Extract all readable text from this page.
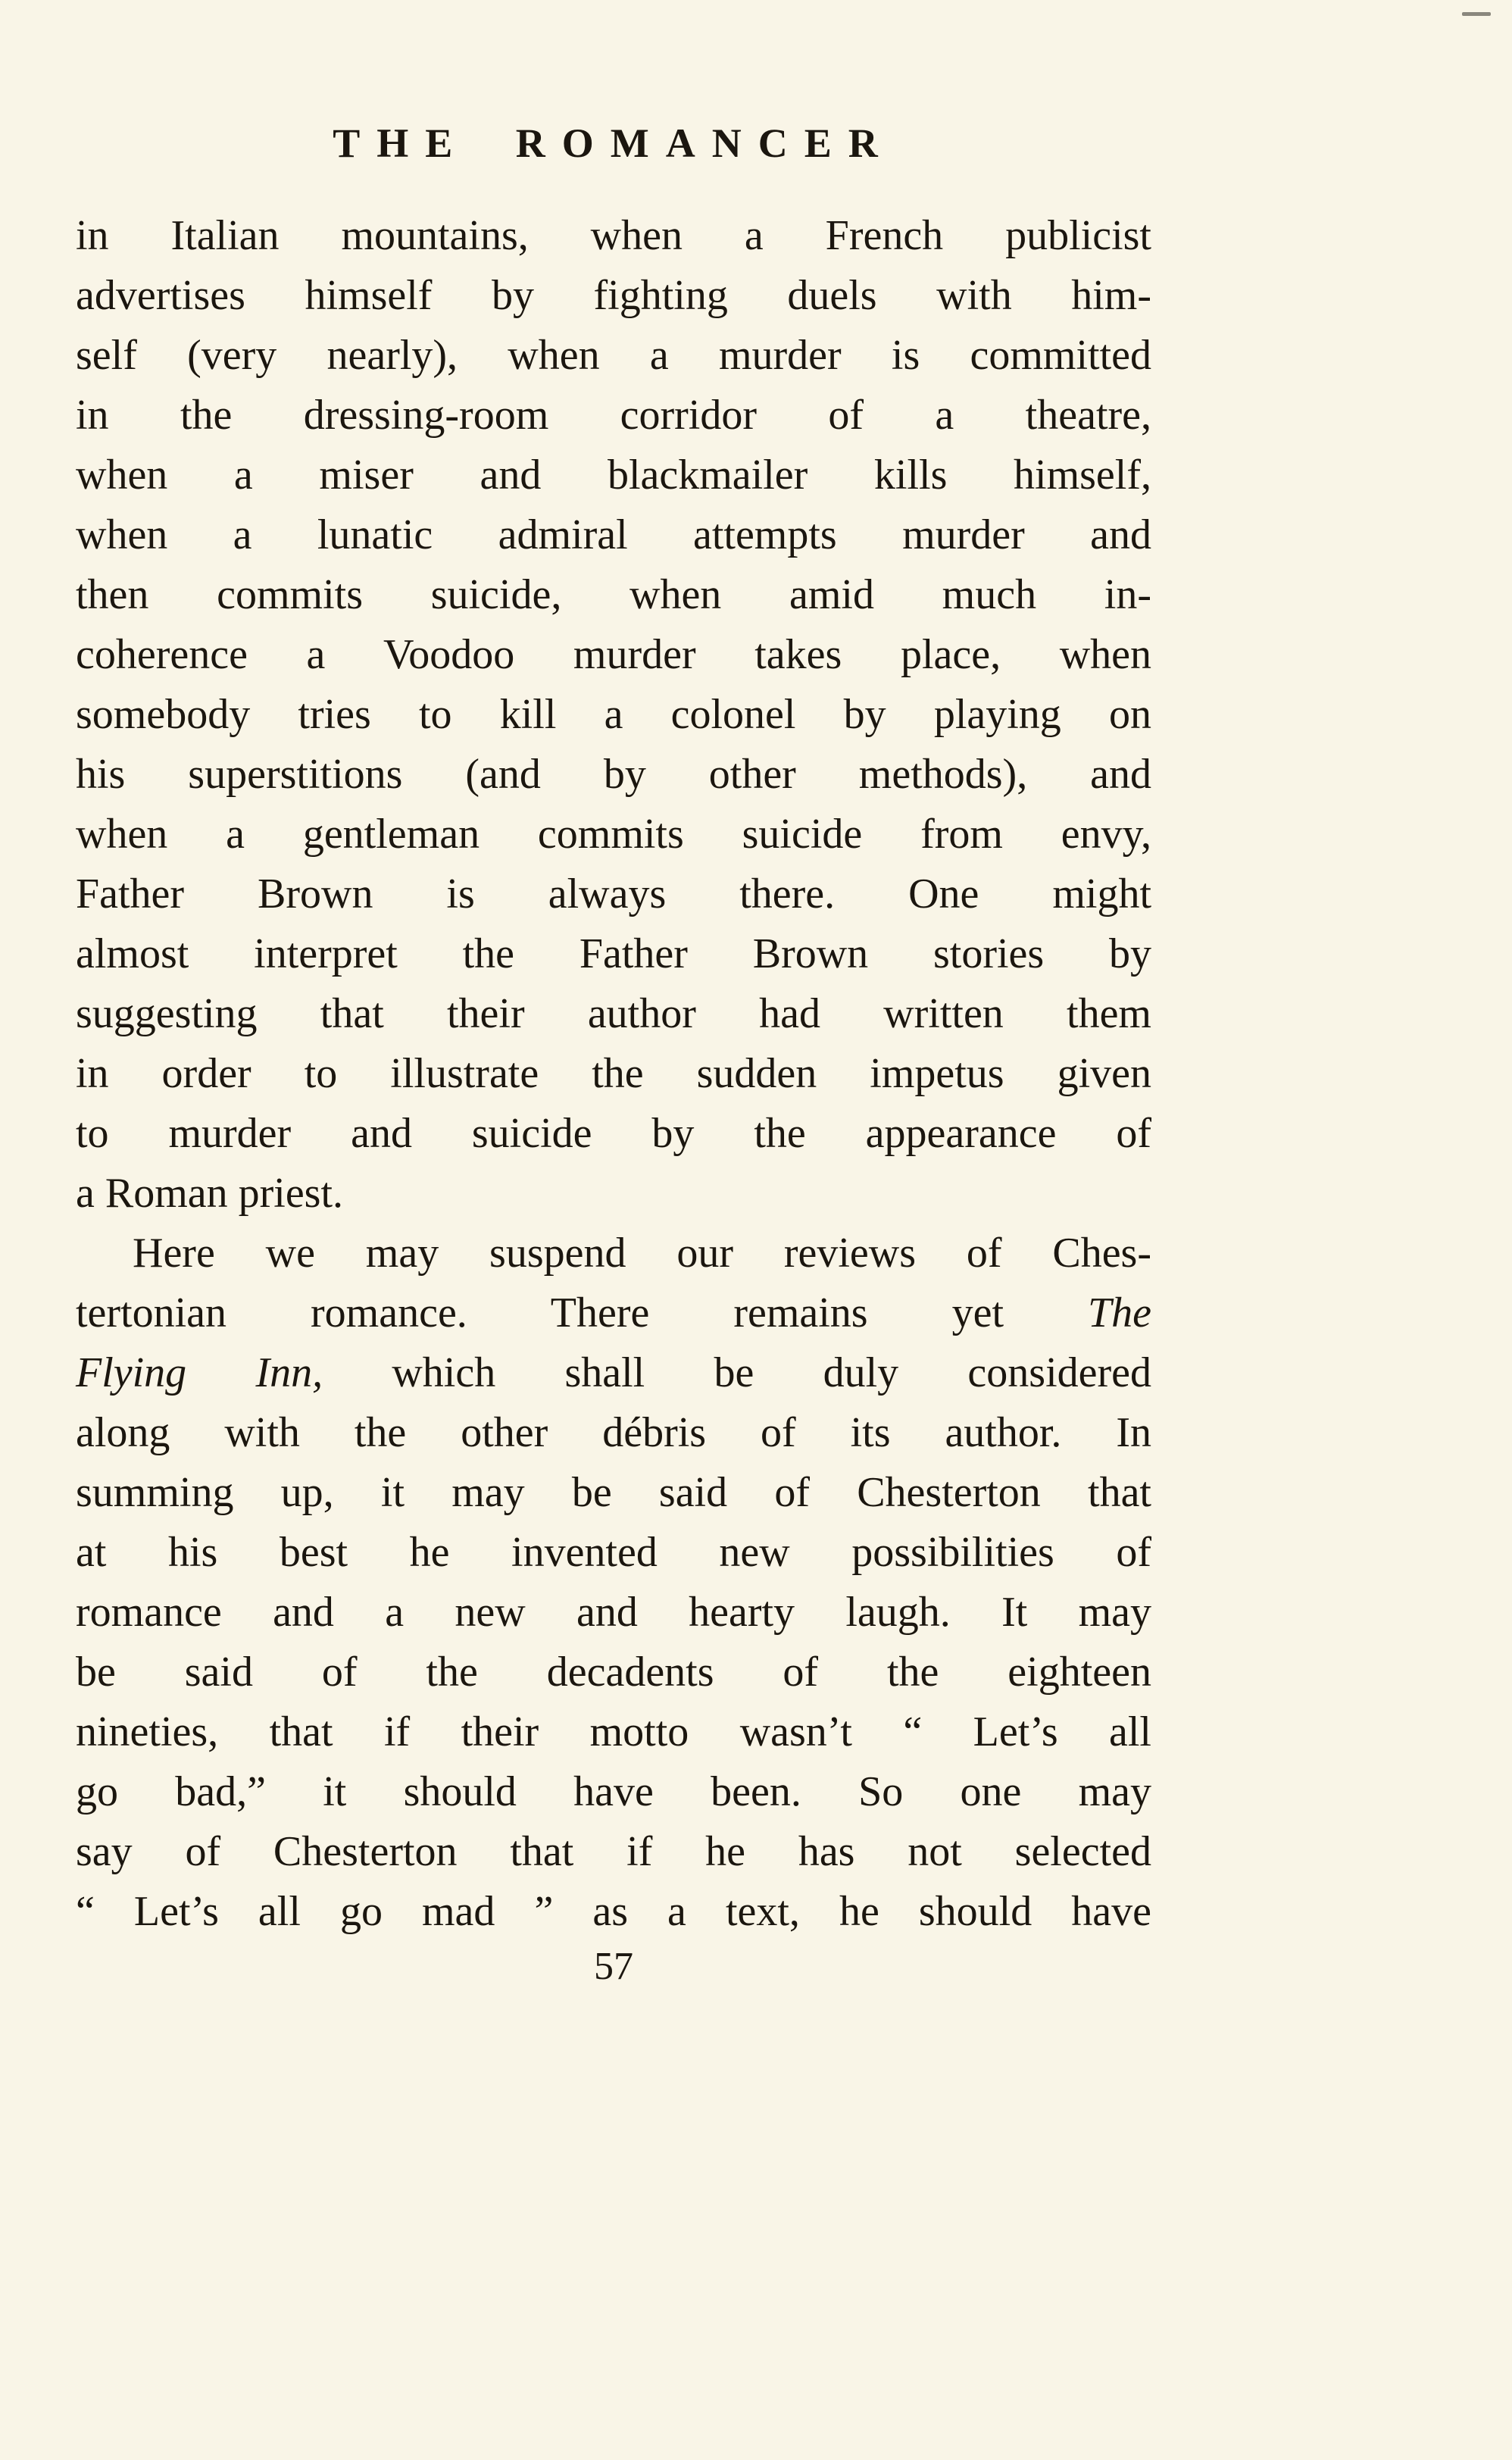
THE ROMANCER
in Italian mountains, when a French publicist
advertises himself by fighting duels with him-
self (very nearly), when a murder is committed
in the dressing-room corridor of a theatre,
when a miser and blackmailer kills himself,
when a lunatic admiral attempts murder and
then commits suicide, when amid much in-
coherence a Voodoo murder takes place, when
somebody tries to kill a colonel by playing on
his superstitions (and by other methods), and
when a gentleman commits suicide from envy,
Father Brown is always there. One might
almost interpret the Father Brown stories by
suggesting that their author had written them
in order to illustrate the sudden impetus given
to murder and suicide by the appearance of
a Roman priest.
Here we may suspend our reviews of Ches-
tertonian romance. There remains yet The
Flying Inn, which shall be duly considered
along with the other débris of its author. In
summing up, it may be said of Chesterton that
at his best he invented new possibilities of
romance and a new and hearty laugh. It may
be said of the decadents of the eighteen
nineties, that if their motto wasn’t “ Let’s all
go bad,” it should have been. So one may
say of Chesterton that if he has not selected
“ Let’s all go mad ” as a text, he should have
57
